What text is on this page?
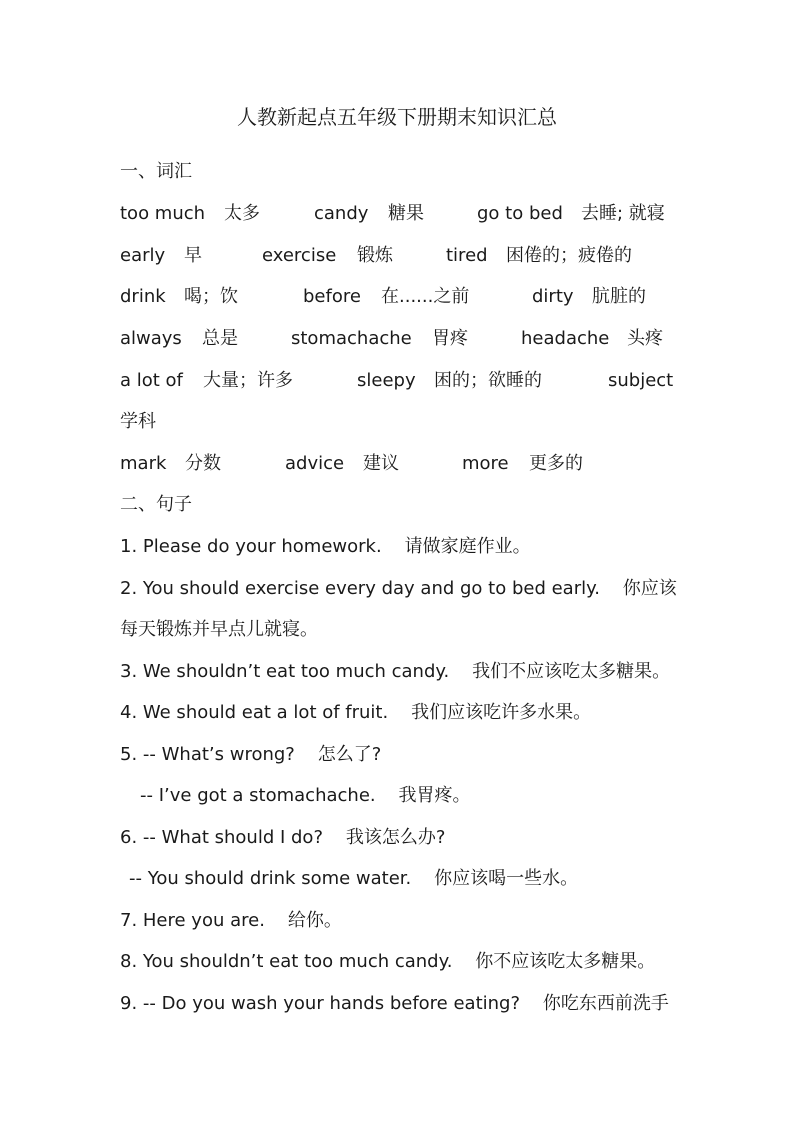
人教新起点五年级下册期末知识汇总
一、词汇
too much 太多	candy 糖果	go to bed 去睡; 就寝
early 早	exercise 锻炼	tired 困倦的；疲倦的
drink 喝；饮	before 在......之前	dirty 肮脏的
always 总是	stomachache 胃疼	headache 头疼
a lot of 大量；许多	sleepy 困的；欲睡的	subject
学科
mark 分数	advice 建议	more 更多的
二、句子
1. Please do your homework.    请做家庭作业。
2. You should exercise every day and go to bed early.    你应该
每天锻炼并早点儿就寝。
3. We shouldn’t eat too much candy.    我们不应该吃太多糖果。
4. We should eat a lot of fruit.    我们应该吃许多水果。
5. -- What’s wrong?    怎么了?
-- I’ve got a stomachache.    我胃疼。
6. -- What should I do?    我该怎么办?
-- You should drink some water.    你应该喝一些水。
7. Here you are.    给你。
8. You shouldn’t eat too much candy.    你不应该吃太多糖果。
9. -- Do you wash your hands before eating?    你吃东西前洗手
